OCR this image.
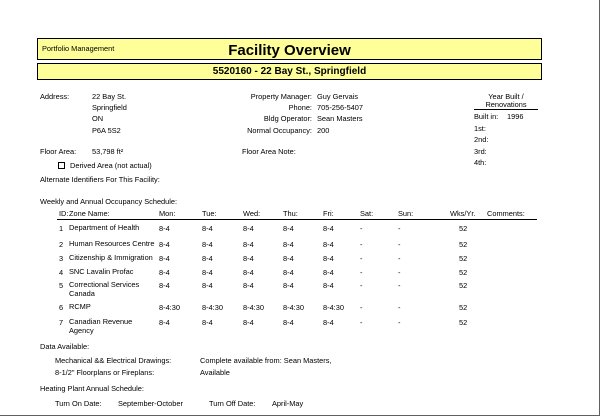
Portfolio Management	Facility Overview
5520160 - 22 Bay St., Springfield
Address:	22 Bay St.
Springfield
ON
P6A 5S2
Property Manager: Guy Gervais
Phone: 705-256-5407
Bldg Operator: Sean Masters
Normal Occupancy: 200
Year Built /
Renovations
Built in: 1996
1st:
2nd:
3rd:
4th:
Floor Area: 53,798 ft²	Floor Area Note:
Derived Area (not actual)
Alternate Identifiers For This Facility:
Weekly and Annual Occupancy Schedule:
ID: Zone Name:	Mon:	Tue:	Wed:	Thu:	Fri:	Sat:	Sun:	Wks/Yr. Comments:
1 Department of Health	8-4	8-4	8-4	8-4	8-4	-	-	52
2 Human Resources Centre 8-4	8-4	8-4	8-4	8-4	-	-	52
3 Citizenship & Immigration 8-4	8-4	8-4	8-4	8-4	-	-	52
4 SNC Lavalin Profac	8-4	8-4	8-4	8-4	8-4	-	-	52
5 Correctional Services Canada
8-4	8-4	8-4	8-4	8-4	-	-	52
6 RCMP	8-4:30	8-4:30	8-4:30	8-4:30	8-4:30 -	-	52
7 Canadian Revenue Agency
8-4	8-4	8-4	8-4	8-4	-	-	52
Data Available:
Mechanical && Electrical Drawings:	Complete available from: Sean Masters,
8-1/2" Floorplans or Fireplans:	Available
Heating Plant Annual Schedule:
Turn On Date: September-October	Turn Off Date: April-May
